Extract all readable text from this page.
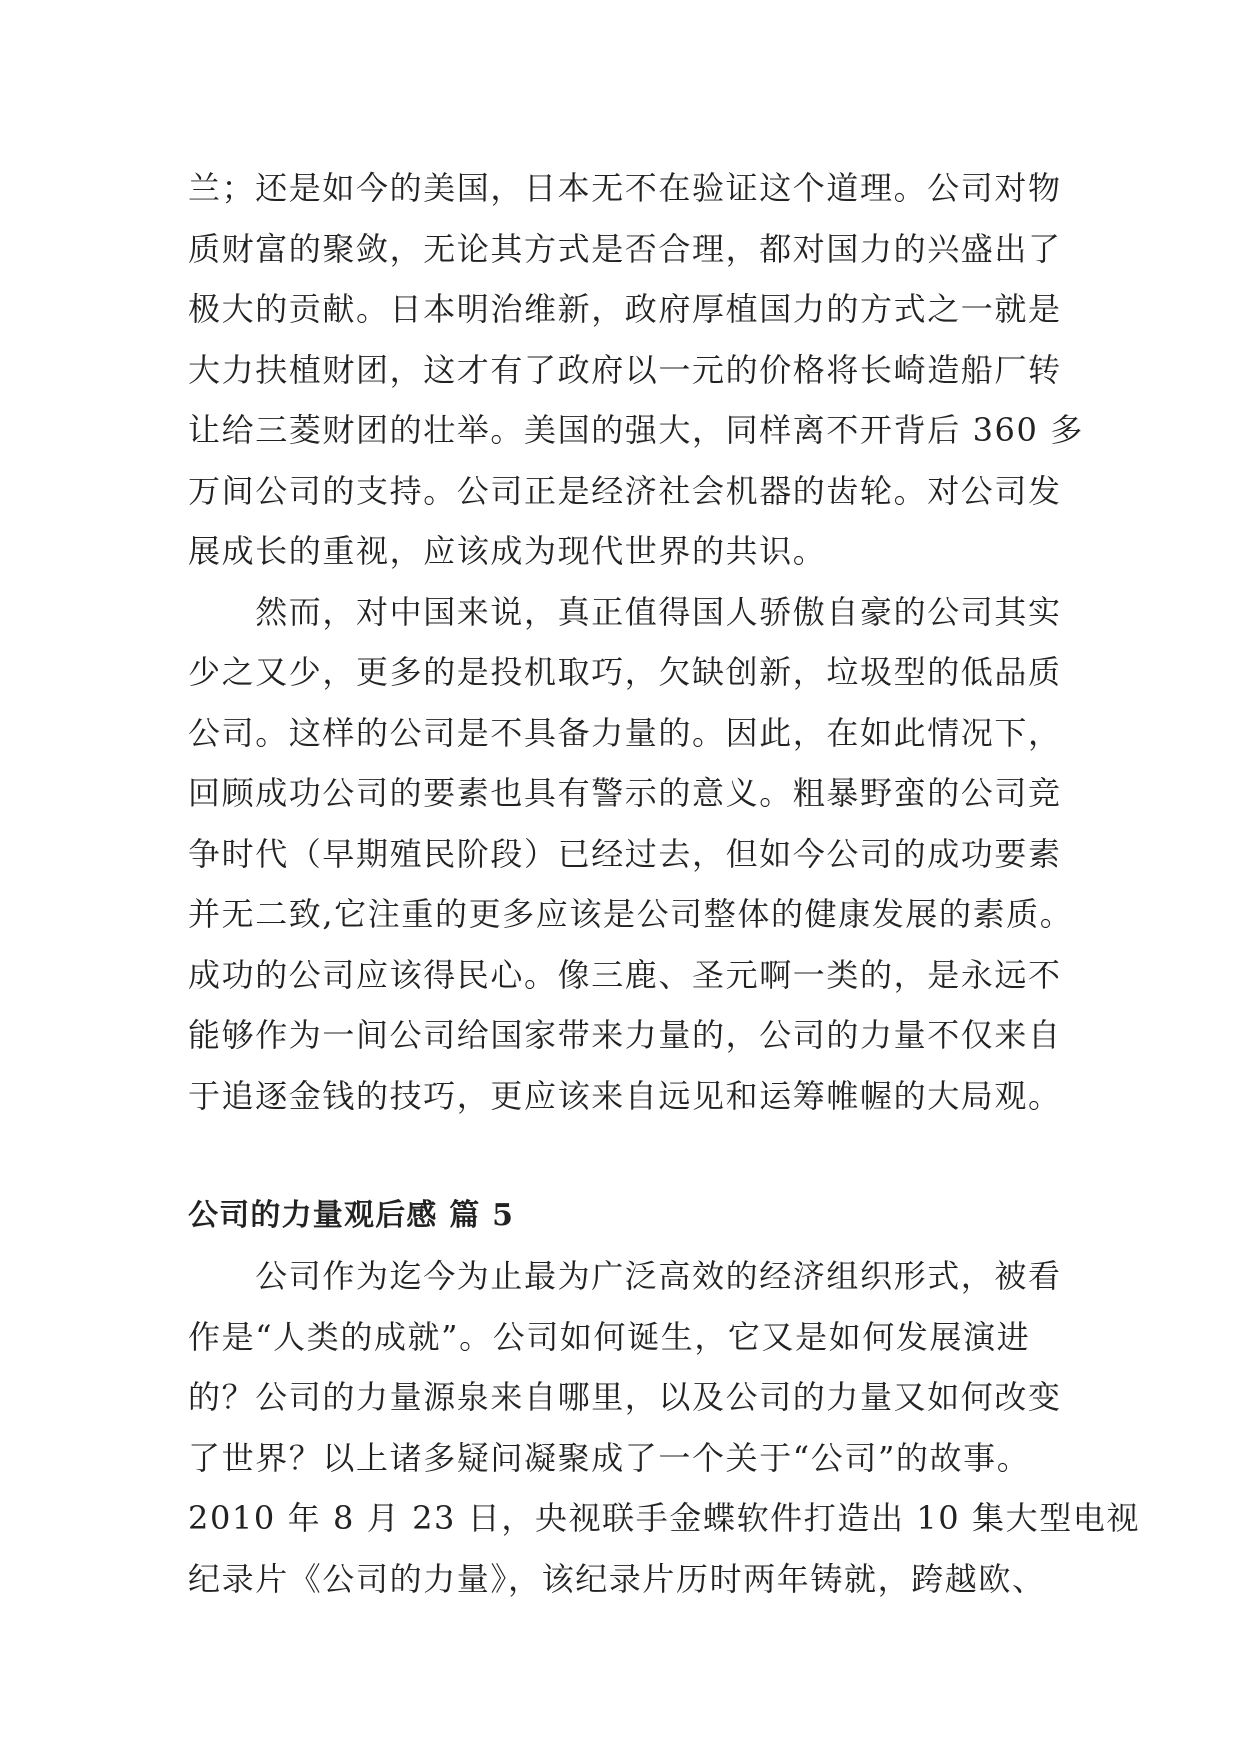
兰；还是如今的美国，日本无不在验证这个道理。公司对物
质财富的聚敛，无论其方式是否合理，都对国力的兴盛出了
极大的贡献。日本明治维新，政府厚植国力的方式之一就是
大力扶植财团，这才有了政府以一元的价格将长崎造船厂转
让给三菱财团的壮举。美国的强大，同样离不开背后 360 多
万间公司的支持。公司正是经济社会机器的齿轮。对公司发
展成长的重视，应该成为现代世界的共识。
　　然而，对中国来说，真正值得国人骄傲自豪的公司其实
少之又少，更多的是投机取巧，欠缺创新，垃圾型的低品质
公司。这样的公司是不具备力量的。因此，在如此情况下，
回顾成功公司的要素也具有警示的意义。粗暴野蛮的公司竞
争时代（早期殖民阶段）已经过去，但如今公司的成功要素
并无二致,它注重的更多应该是公司整体的健康发展的素质。
成功的公司应该得民心。像三鹿、圣元啊一类的，是永远不
能够作为一间公司给国家带来力量的，公司的力量不仅来自
于追逐金钱的技巧，更应该来自远见和运筹帷幄的大局观。
公司的力量观后感 篇 5
　　公司作为迄今为止最为广泛高效的经济组织形式，被看
作是“人类的成就”。公司如何诞生，它又是如何发展演进
的？公司的力量源泉来自哪里，以及公司的力量又如何改变
了世界？以上诸多疑问凝聚成了一个关于“公司”的故事。
2010 年 8 月 23 日，央视联手金蝶软件打造出 10 集大型电视
纪录片《公司的力量》，该纪录片历时两年铸就，跨越欧、
